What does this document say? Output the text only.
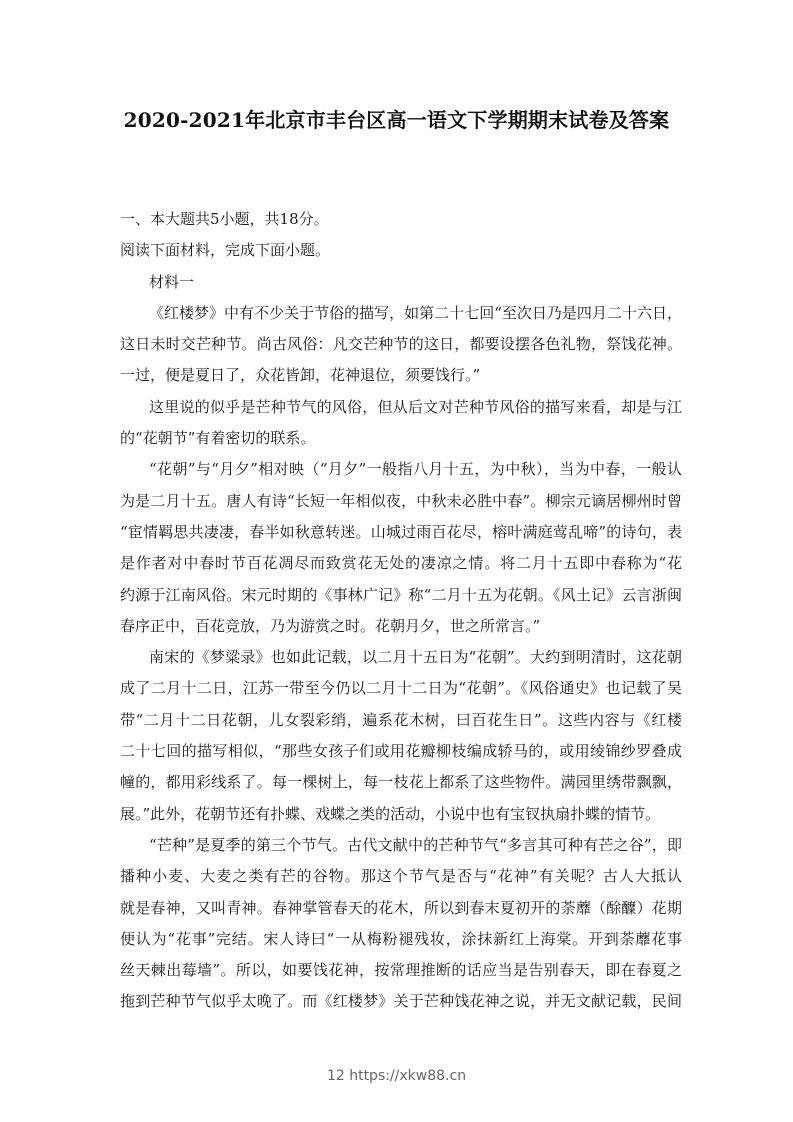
2020-2021年北京市丰台区高一语文下学期期末试卷及答案
一、本大题共5小题，共18分。
阅读下面材料，完成下面小题。
材料一
《红楼梦》中有不少关于节俗的描写，如第二十七回“至次日乃是四月二十六日，
这日未时交芒种节。尚古风俗：凡交芒种节的这日，都要设摆各色礼物，祭饯花神。
一过，便是夏日了，众花皆卸，花神退位，须要饯行。”
这里说的似乎是芒种节气的风俗，但从后文对芒种节风俗的描写来看，却是与江
的“花朝节”有着密切的联系。
“花朝”与“月夕”相对映（“月夕”一般指八月十五，为中秋），当为中春，一般认
为是二月十五。唐人有诗“长短一年相似夜，中秋未必胜中春”。柳宗元谪居柳州时曾
“宦情羁思共凄凄，春半如秋意转迷。山城过雨百花尽，榕叶满庭莺乱啼”的诗句，表
是作者对中春时节百花凋尽而致赏花无处的凄凉之情。将二月十五即中春称为“花
约源于江南风俗。宋元时期的《事林广记》称“二月十五为花朝。《风土记》云言浙闽
春序正中，百花竞放，乃为游赏之时。花朝月夕，世之所常言。”
南宋的《梦粱录》也如此记载，以二月十五日为“花朝”。大约到明清时，这花朝
成了二月十二日，江苏一带至今仍以二月十二日为“花朝”。《风俗通史》也记载了吴
带“二月十二日花朝，儿女裂彩绡，遍系花木树，曰百花生日”。这些内容与《红楼
二十七回的描写相似，“那些女孩子们或用花瓣柳枝编成轿马的，或用绫锦纱罗叠成
幢的，都用彩线系了。每一棵树上，每一枝花上都系了这些物件。满园里绣带飘飘，
展。”此外，花朝节还有扑蝶、戏蝶之类的活动，小说中也有宝钗执扇扑蝶的情节。
“芒种”是夏季的第三个节气。古代文献中的芒种节气“多言其可种有芒之谷”，即
播种小麦、大麦之类有芒的谷物。那这个节气是否与“花神”有关呢？古人大抵认
就是春神，又叫青神。春神掌管春天的花木，所以到春末夏初开的荼蘼（酴醾）花期
便认为“花事”完结。宋人诗曰“一从梅粉褪残妆，涂抹新红上海棠。开到荼蘼花事
丝天棘出莓墙”。所以，如要饯花神，按常理推断的话应当是告别春天，即在春夏之
拖到芒种节气似乎太晚了。而《红楼梦》关于芒种饯花神之说，并无文献记载，民间
12 https://xkw88.cn
